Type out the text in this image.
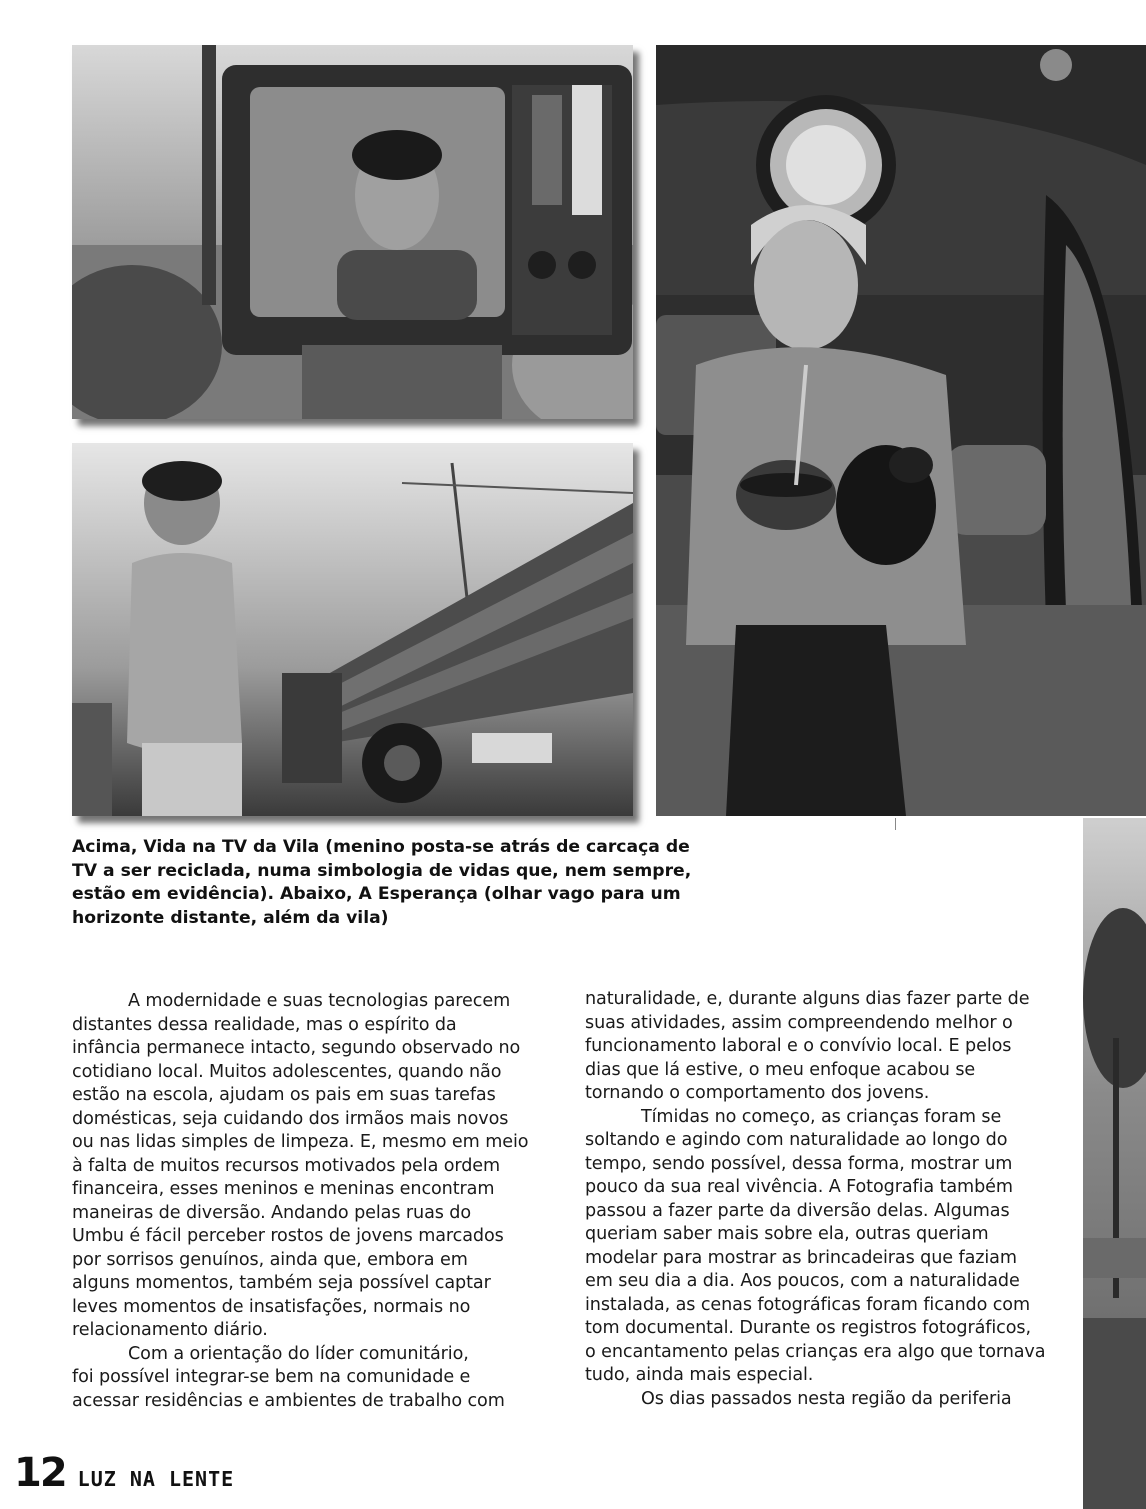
Acima, Vida na TV da Vila (menino posta-se atrás de carcaça de
TV a ser reciclada, numa simbologia de vidas que, nem sempre,
estão em evidência). Abaixo, A Esperança (olhar vago para um
horizonte distante, além da vila)
A modernidade e suas tecnologias parecem
distantes dessa realidade, mas o espírito da
infância permanece intacto, segundo observado no
cotidiano local. Muitos adolescentes, quando não
estão na escola, ajudam os pais em suas tarefas
domésticas, seja cuidando dos irmãos mais novos
ou nas lidas simples de limpeza. E, mesmo em meio
à falta de muitos recursos motivados pela ordem
financeira, esses meninos e meninas encontram
maneiras de diversão. Andando pelas ruas do
Umbu é fácil perceber rostos de jovens marcados
por sorrisos genuínos, ainda que, embora em
alguns momentos, também seja possível captar
leves momentos de insatisfações, normais no
relacionamento diário.
Com a orientação do líder comunitário,
foi possível integrar-se bem na comunidade e
acessar residências e ambientes de trabalho com
naturalidade, e, durante alguns dias fazer parte de
suas atividades, assim compreendendo melhor o
funcionamento laboral e o convívio local. E pelos
dias que lá estive, o meu enfoque acabou se
tornando o comportamento dos jovens.
Tímidas no começo, as crianças foram se
soltando e agindo com naturalidade ao longo do
tempo, sendo possível, dessa forma, mostrar um
pouco da sua real vivência. A Fotografia também
passou a fazer parte da diversão delas. Algumas
queriam saber mais sobre ela, outras queriam
modelar para mostrar as brincadeiras que faziam
em seu dia a dia. Aos poucos, com a naturalidade
instalada, as cenas fotográficas foram ficando com
tom documental. Durante os registros fotográficos,
o encantamento pelas crianças era algo que tornava
tudo, ainda mais especial.
Os dias passados nesta região da periferia
12 LUZ NA LENTE
